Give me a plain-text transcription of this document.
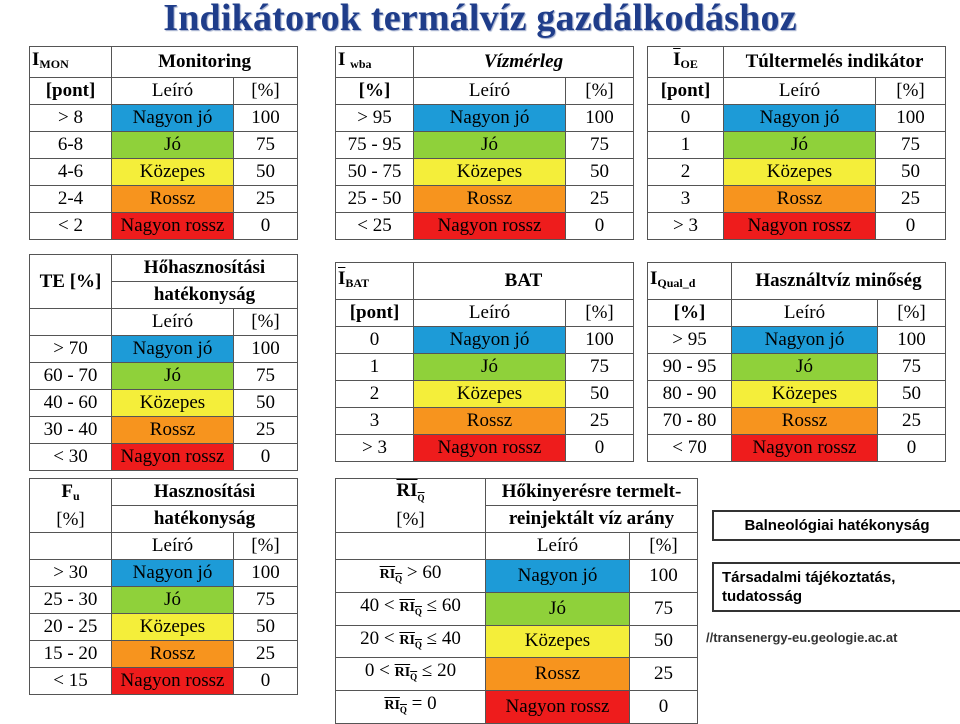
Indikátorok termálvíz gazdálkodáshoz
$I_{MON}$	Monitoring	
[pont]	Leíró	[%]
> 8	Nagyon jó	100
6-8	Jó	75
4-6	Közepes	50
2-4	Rossz	25
< 2	Nagyon rossz	0
I $_{wba}$	Vízmérleg	
[%]	Leíró	[%]
> 95	Nagyon jó	100
75 - 95	Jó	75
50 - 75	Közepes	50
25 - 50	Rossz	25
< 25	Nagyon rossz	0
$\overline{I}_{OE}$	Túltermelés indikátor	
[pont]	Leíró	[%]
0	Nagyon jó	100
1	Jó	75
2	Közepes	50
3	Rossz	25
> 3	Nagyon rossz	0
TE [%]	Hőhasznosítási	
	hatékonyság	
	Leíró	[%]
> 70	Nagyon jó	100
60 - 70	Jó	75
40 - 60	Közepes	50
30 - 40	Rossz	25
< 30	Nagyon rossz	0
$\overline{I}_{BAT}$	BAT	
[pont]	Leíró	[%]
0	Nagyon jó	100
1	Jó	75
2	Közepes	50
3	Rossz	25
> 3	Nagyon rossz	0
$I_{Qual\_d}$	Használtvíz minőség	
[%]	Leíró	[%]
> 95	Nagyon jó	100
90 - 95	Jó	75
80 - 90	Közepes	50
70 - 80	Rossz	25
< 70	Nagyon rossz	0
$F_u$
[%]	Hasznosítási	
	hatékonyság	
	Leíró	[%]
> 30	Nagyon jó	100
25 - 30	Jó	75
20 - 25	Közepes	50
15 - 20	Rossz	25
< 15	Nagyon rossz	0
$RI_Q$
[%]	Hőkinyerésre termelt-	
	reinjektált víz arány	
	Leíró	[%]
$RI_Q > 60$	Nagyon jó	100
$40 < RI_Q \le 60$	Jó	75
$20 < RI_Q \le 40$	Közepes	50
$0 < RI_Q \le 20$	Rossz	25
$RI_Q = 0$	Nagyon rossz	0
Balneológiai hatékonyság
Társadalmi tájékoztatás,
tudatosság
//transenergy-eu.geologie.ac.at
